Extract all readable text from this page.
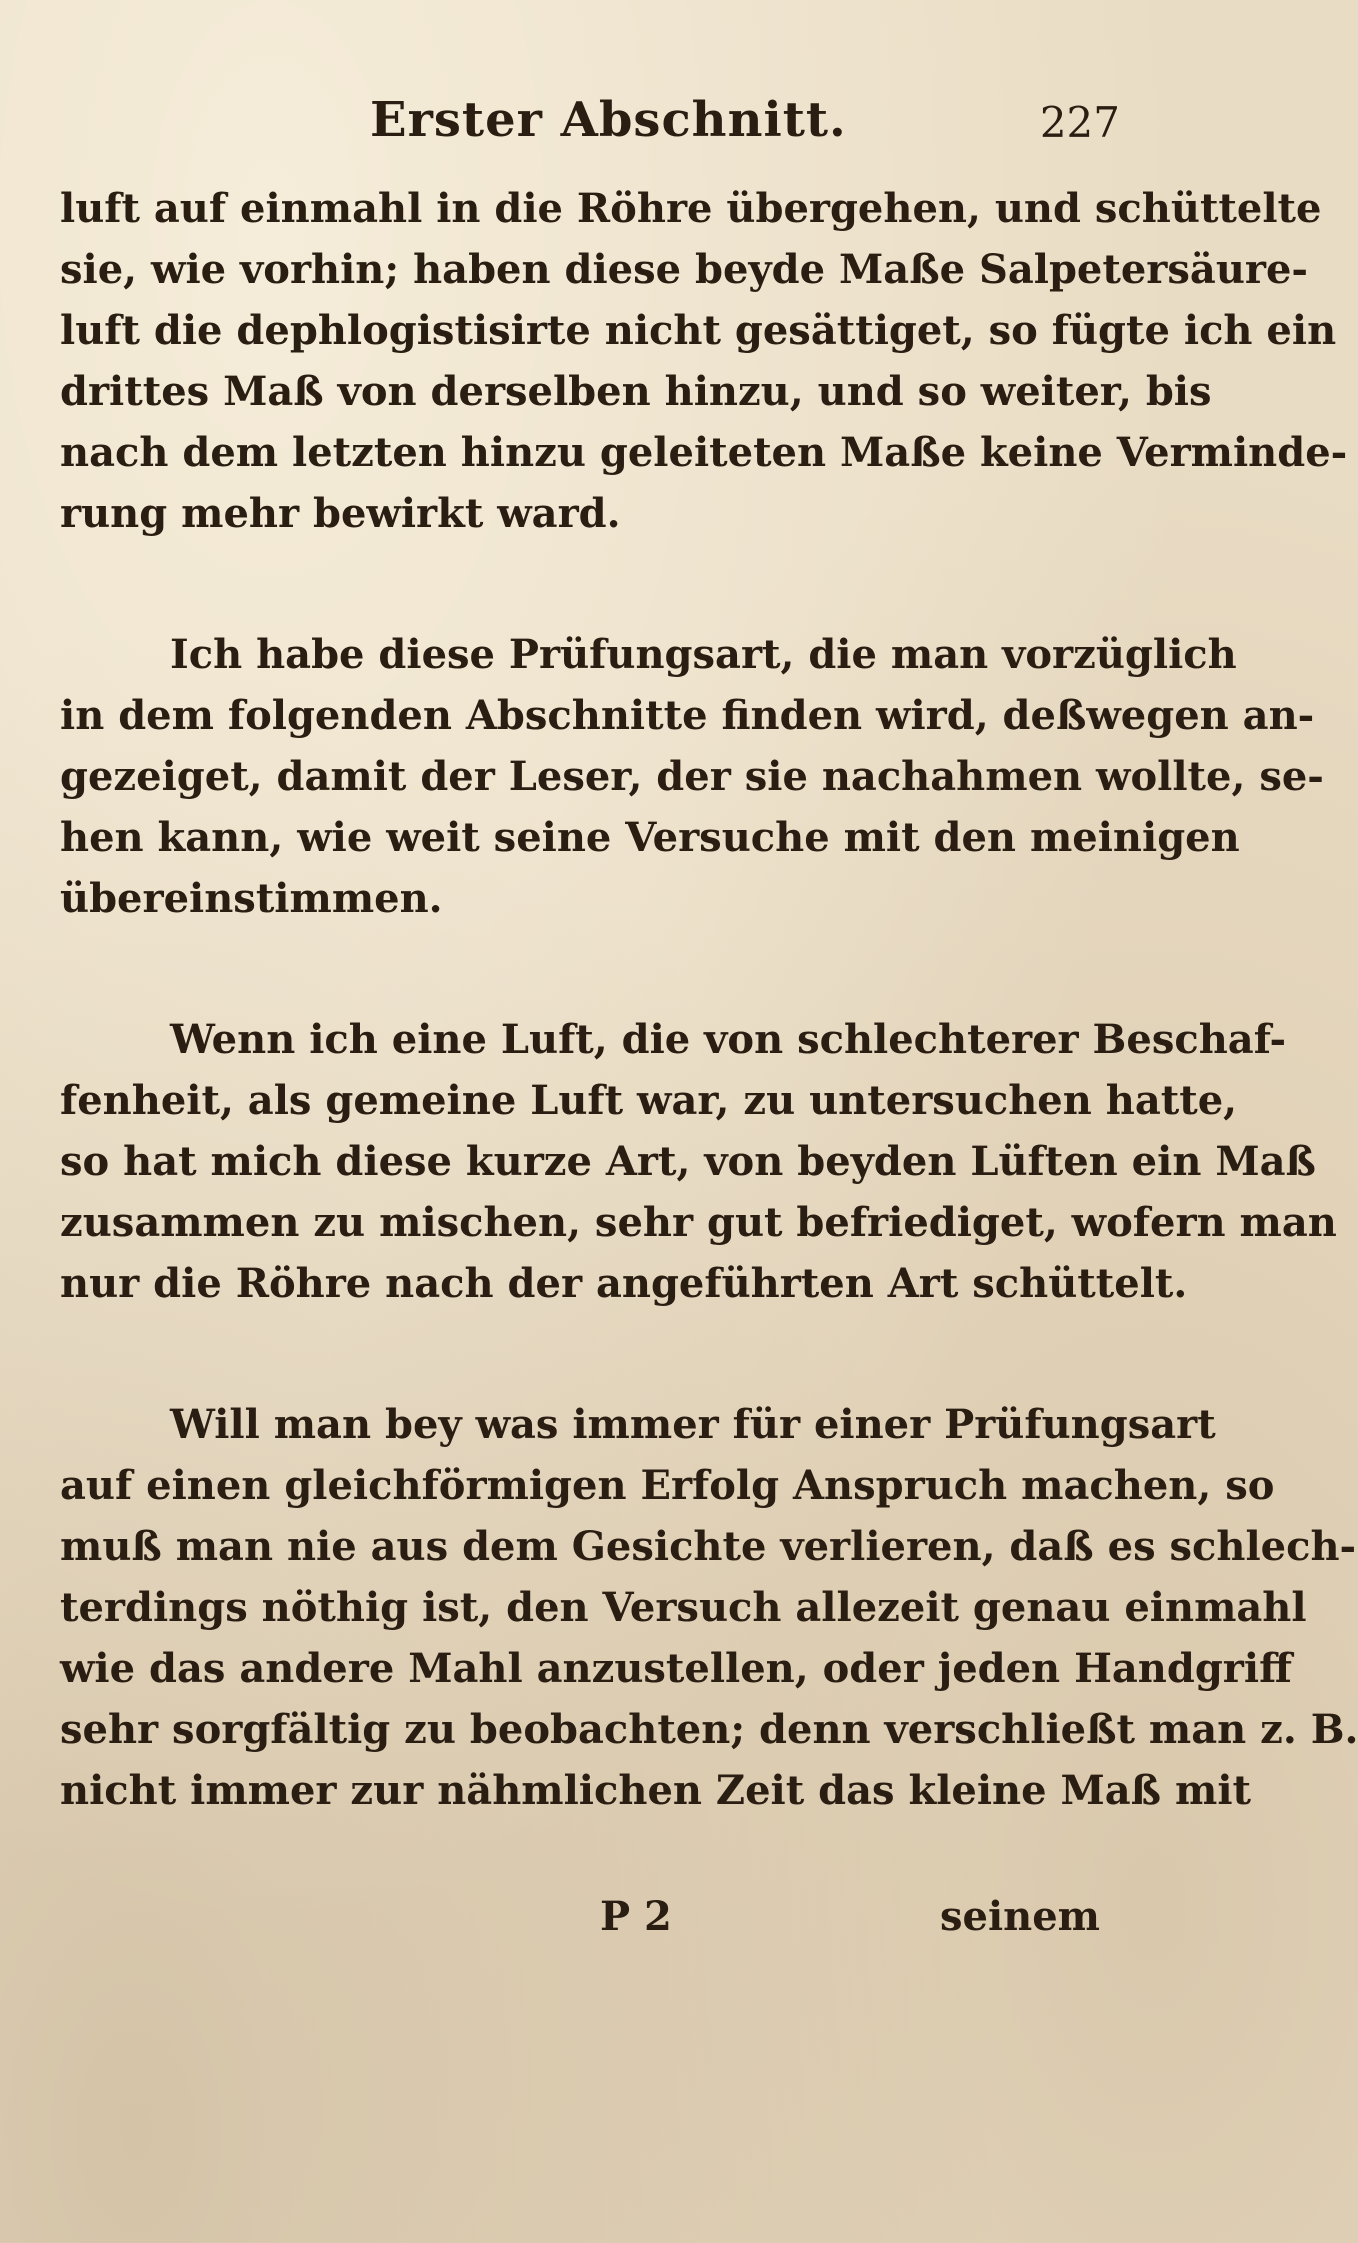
Erster Abschnitt.	227
luft auf einmahl in die Röhre übergehen, und schüttelte
sie, wie vorhin; haben diese beyde Maße Salpetersäure-
luft die dephlogistisirte nicht gesättiget, so fügte ich ein
drittes Maß von derselben hinzu, und so weiter, bis
nach dem letzten hinzu geleiteten Maße keine Verminde-
rung mehr bewirkt ward.
Ich habe diese Prüfungsart, die man vorzüglich
in dem folgenden Abschnitte finden wird, deßwegen an-
gezeiget, damit der Leser, der sie nachahmen wollte, se-
hen kann, wie weit seine Versuche mit den meinigen
übereinstimmen.
Wenn ich eine Luft, die von schlechterer Beschaf-
fenheit, als gemeine Luft war, zu untersuchen hatte,
so hat mich diese kurze Art, von beyden Lüften ein Maß
zusammen zu mischen, sehr gut befriediget, wofern man
nur die Röhre nach der angeführten Art schüttelt.
Will man bey was immer für einer Prüfungsart
auf einen gleichförmigen Erfolg Anspruch machen, so
muß man nie aus dem Gesichte verlieren, daß es schlech-
terdings nöthig ist, den Versuch allezeit genau einmahl
wie das andere Mahl anzustellen, oder jeden Handgriff
sehr sorgfältig zu beobachten; denn verschließt man z. B.
nicht immer zur nähmlichen Zeit das kleine Maß mit
P 2	seinem
